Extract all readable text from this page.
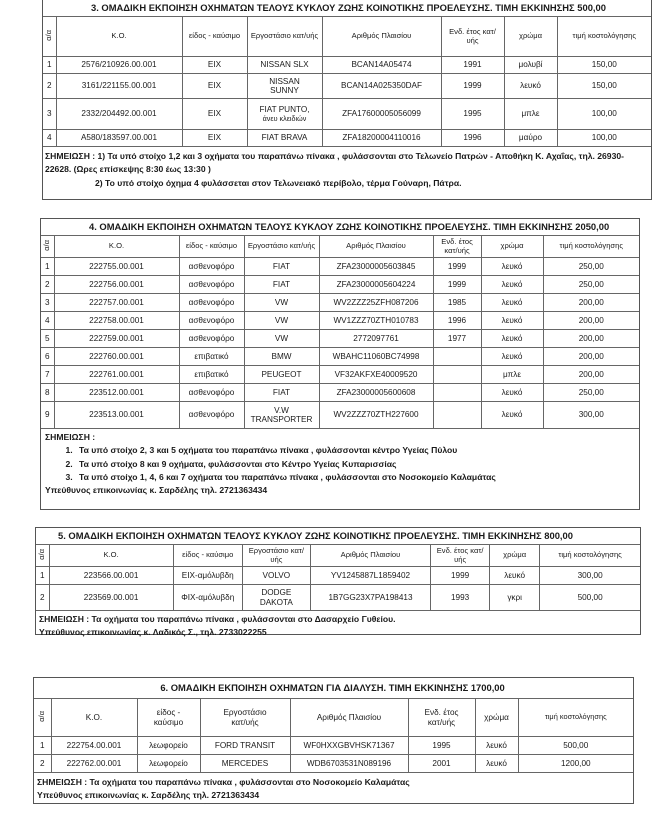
3. ΟΜΑΔΙΚΗ ΕΚΠΟΙΗΣΗ ΟΧΗΜΑΤΩΝ ΤΕΛΟΥΣ ΚΥΚΛΟΥ ΖΩΗΣ ΚΟΙΝΟΤΙΚΗΣ ΠΡΟΕΛΕΥΣΗΣ. ΤΙΜΗ ΕΚΚΙΝΗΣΗΣ 500,00							
α/α	Κ.Ο.	είδος - καύσιμο	Εργοστάσιο κατ/υής	Αριθμός Πλαισίου	Ενδ. έτος κατ/υής	χρώμα	τιμή κοστολόγησης
1	2576/210926.00.001	ΕΙΧ	NISSAN SLX	BCAN14A05474	1991	μολυβί	150,00
2	3161/221155.00.001	ΕΙΧ	NISSAN SUNNY	BCAN14A025350DAF	1999	λευκό	150,00
3	2332/204492.00.001	ΕΙΧ	FIAT PUNTO,
άνευ κλειδιών	ZFA17600005056099	1995	μπλε	100,00
4	A580/183597.00.001	ΕΙΧ	FIAT BRAVA	ZFA18200004110016	1996	μαύρο	100,00

ΣΗΜΕΙΩΣΗ : 1) Τα υπό στοίχο 1,2 και 3 οχήματα του παραπάνω πίνακα , φυλάσσονται στο Τελωνείο Πατρών - Αποθήκη Κ. Αχαΐας, τηλ. 26930-22628. (Ωρες επίσκεψης 8:30 έως 13:30 )
2) Το υπό στοίχο όχημα 4 φυλάσσεται στον Τελωνειακό περίβολο, τέρμα Γούναρη, Πάτρα.							
4. ΟΜΑΔΙΚΗ ΕΚΠΟΙΗΣΗ ΟΧΗΜΑΤΩΝ ΤΕΛΟΥΣ ΚΥΚΛΟΥ ΖΩΗΣ ΚΟΙΝΟΤΙΚΗΣ ΠΡΟΕΛΕΥΣΗΣ. ΤΙΜΗ ΕΚΚΙΝΗΣΗΣ 2050,00							
α/α	Κ.Ο.	είδος - καύσιμο	Εργοστάσιο κατ/υής	Αριθμός Πλαισίου	Ενδ. έτος κατ/υής	χρώμα	τιμή κοστολόγησης
1	222755.00.001	ασθενοφόρο	FIAT	ZFA23000005603845	1999	λευκό	250,00
2	222756.00.001	ασθενοφόρο	FIAT	ZFA23000005604224	1999	λευκό	250,00
3	222757.00.001	ασθενοφόρο	VW	WV2ZZZ25ZFH087206	1985	λευκό	200,00
4	222758.00.001	ασθενοφόρο	VW	WV1ZZZ70ZTH010783	1996	λευκό	200,00
5	222759.00.001	ασθενοφόρο	VW	2772097761	1977	λευκό	200,00
6	222760.00.001	επιβατικό	BMW	WBAHC11060BC74998		λευκό	200,00
7	222761.00.001	επιβατικό	PEUGEOT	VF32AKFXE40009520		μπλε	200,00
8	223512.00.001	ασθενοφόρο	FIAT	ZFA23000005600608		λευκό	250,00
9	223513.00.001	ασθενοφόρο	V.W TRANSPORTER	WV2ZZZ70ZTH227600		λευκό	300,00

ΣΗΜΕΙΩΣΗ :
1. Τα υπό στοίχο 2, 3 και 5 οχήματα του παραπάνω πίνακα , φυλάσσονται κέντρο Υγείας Πύλου
2. Τα υπό στοίχο 8 και 9 οχήματα, φυλάσσονται στο Κέντρο Υγείας Κυπαρισσίας
3. Τα υπό στοίχο 1, 4, 6 και 7 οχήματα του παραπάνω πίνακα , φυλάσσονται στο Νοσοκομείο Καλαμάτας
Υπεύθυνος επικοινωνίας κ. Σαρδέλης τηλ. 2721363434
5. ΟΜΑΔΙΚΗ ΕΚΠΟΙΗΣΗ ΟΧΗΜΑΤΩΝ ΤΕΛΟΥΣ ΚΥΚΛΟΥ ΖΩΗΣ ΚΟΙΝΟΤΙΚΗΣ ΠΡΟΕΛΕΥΣΗΣ. ΤΙΜΗ ΕΚΚΙΝΗΣΗΣ 800,00							
α/α	Κ.Ο.	είδος - καύσιμο	Εργοστάσιο κατ/υής	Αριθμός Πλαισίου	Ενδ. έτος κατ/υής	χρώμα	τιμή κοστολόγησης
1	223566.00.001	ΕΙΧ-αμόλυβδη	VOLVO	YV1245887L1859402	1999	λευκό	300,00
2	223569.00.001	ΦΙΧ-αμόλυβδη	DODGE DAKOTA	1B7GG23X7PA198413	1993	γκρι	500,00

ΣΗΜΕΙΩΣΗ : Τα οχήματα του παραπάνω πίνακα , φυλάσσονται στο Δασαρχείο Γυθείου.
Υπεύθυνος επικοινωνίας κ. Λαδικός Σ., τηλ. 2733022255							
6. ΟΜΑΔΙΚΗ ΕΚΠΟΙΗΣΗ ΟΧΗΜΑΤΩΝ ΓΙΑ ΔΙΑΛΥΣΗ. ΤΙΜΗ ΕΚΚΙΝΗΣΗΣ 1700,00							
α/α	Κ.Ο.	είδος - καύσιμο	Εργοστάσιο κατ/υής	Αριθμός Πλαισίου	Ενδ. έτος κατ/υής	χρώμα	τιμή κοστολόγησης
1	222754.00.001	λεωφορείο	FORD TRANSIT	WF0HXXGBVHSK71367	1995	λευκό	500,00
2	222762.00.001	λεωφορείο	MERCEDES	WDB6703531N089196	2001	λευκό	1200,00

ΣΗΜΕΙΩΣΗ : Τα οχήματα του παραπάνω πίνακα , φυλάσσονται στο Νοσοκομείο Καλαμάτας
Υπεύθυνος επικοινωνίας κ. Σαρδέλης τηλ. 2721363434							
